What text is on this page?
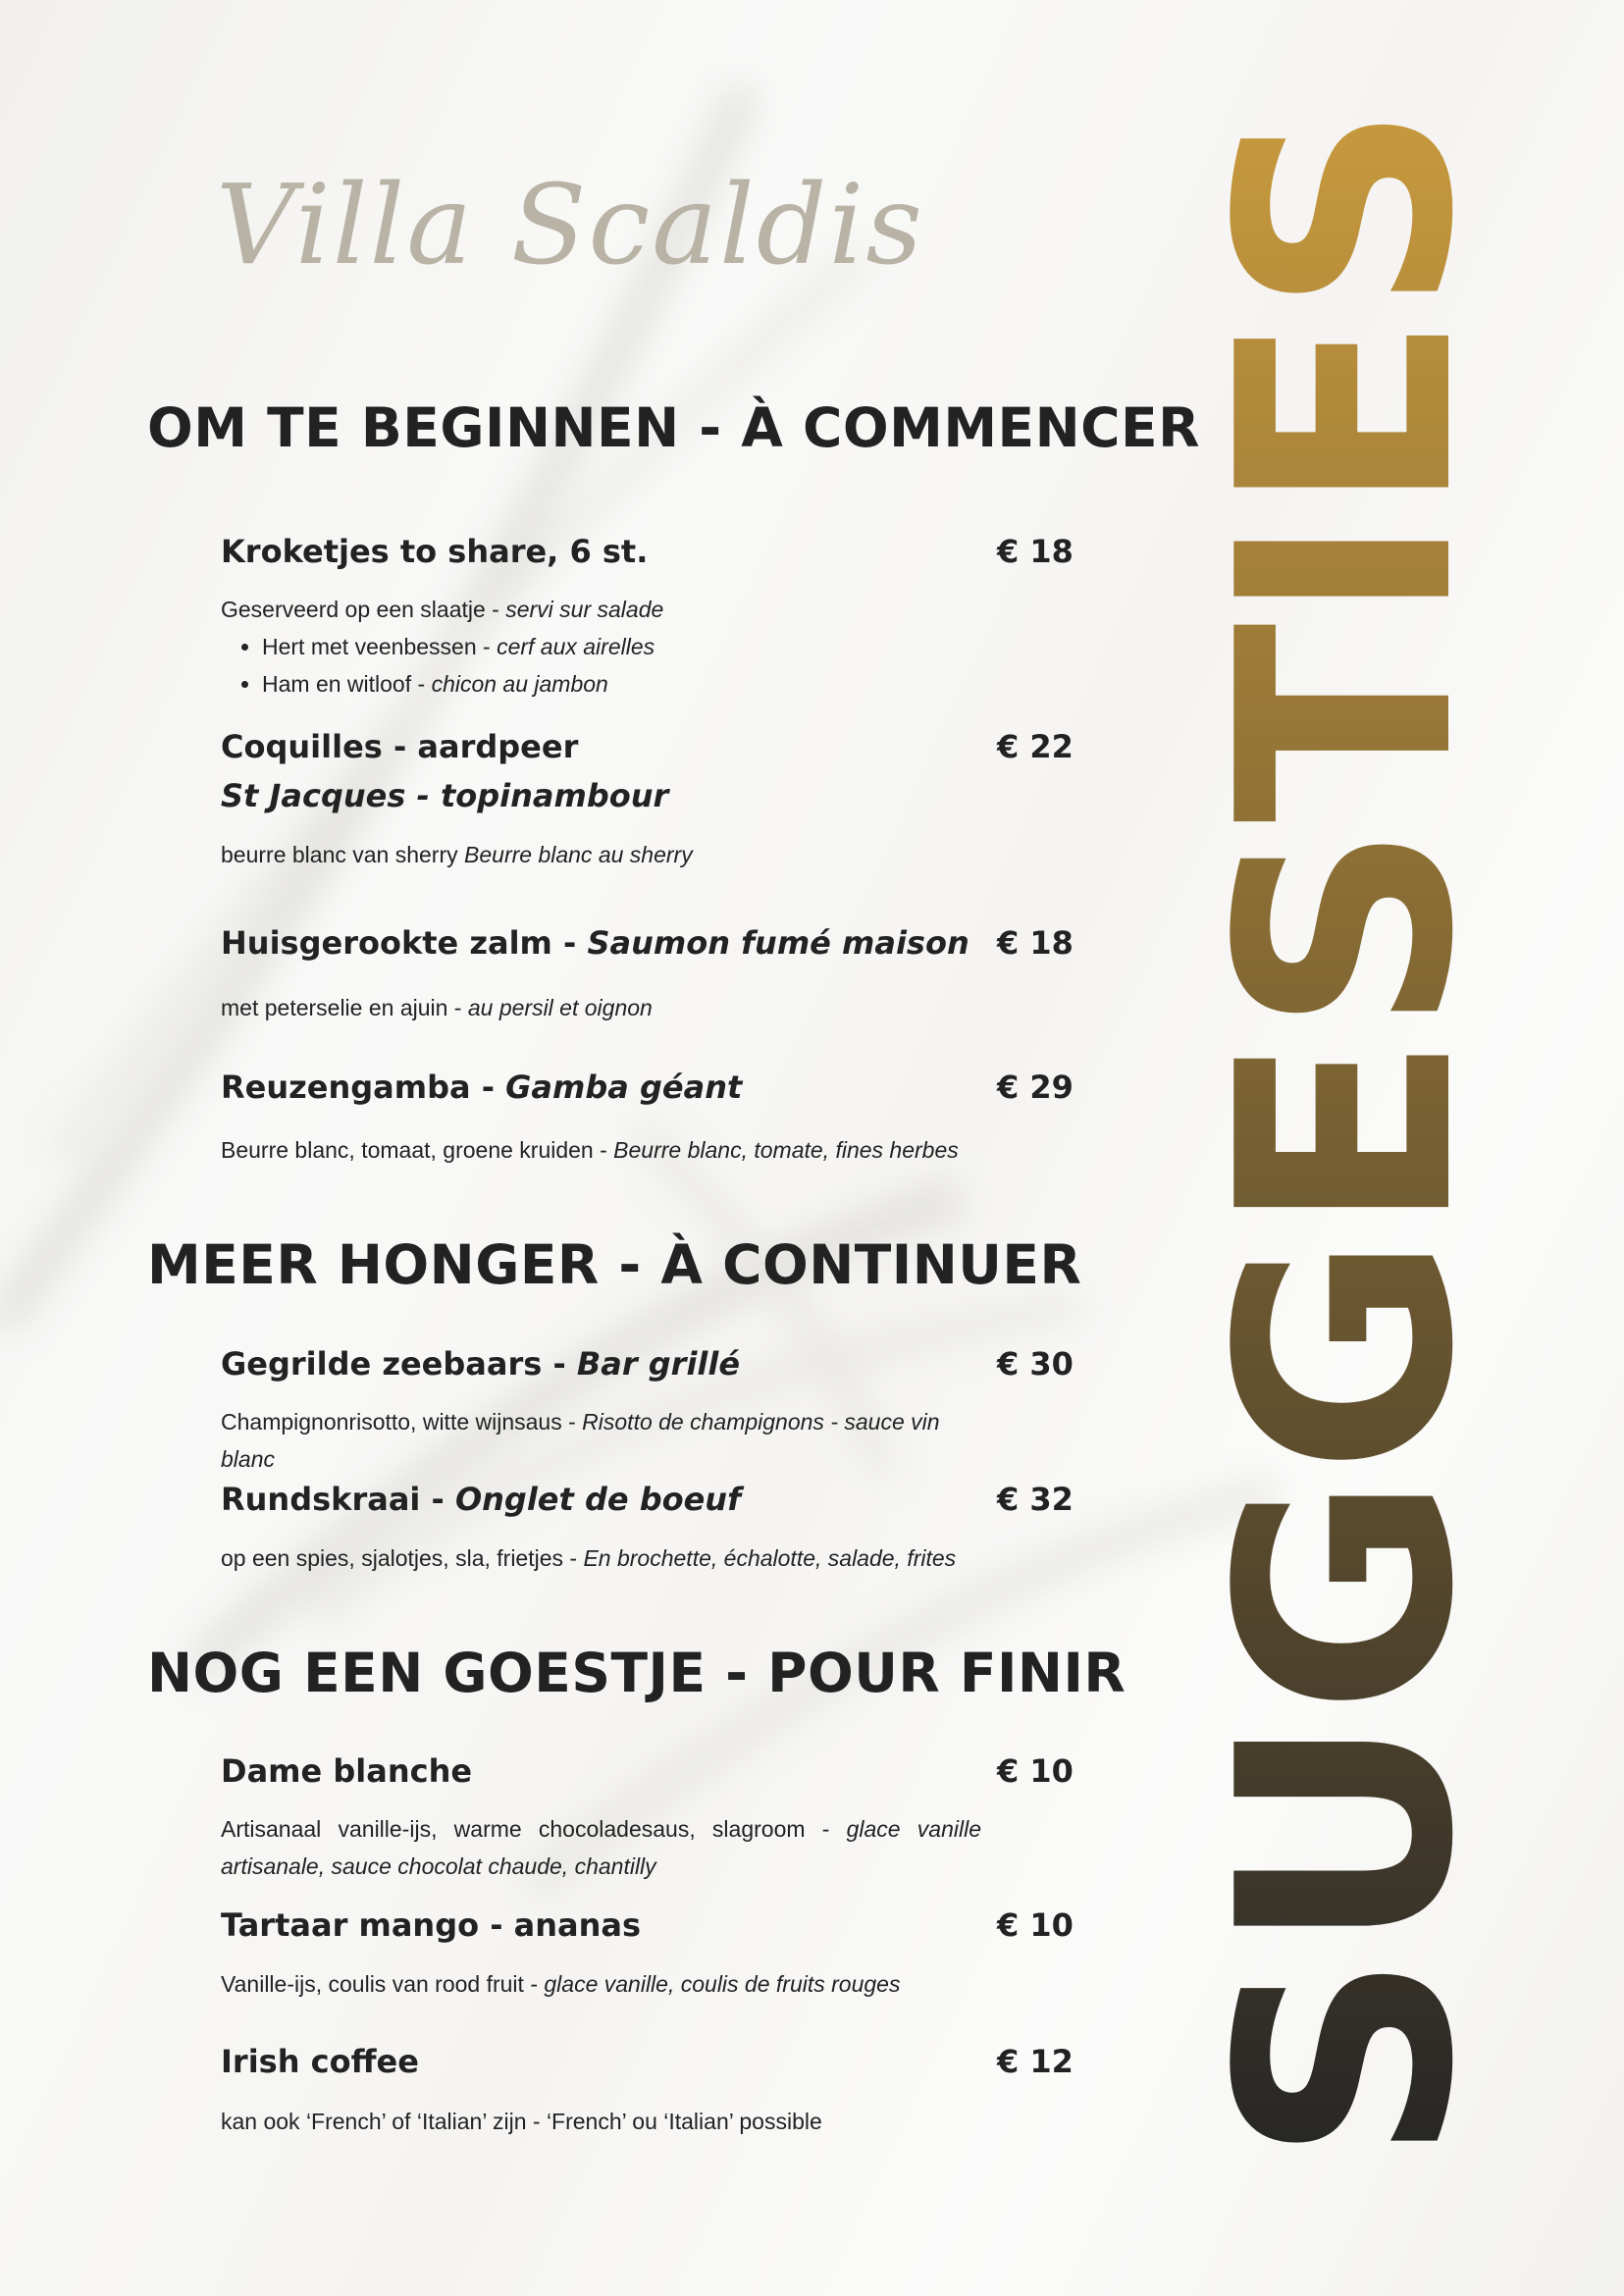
Villa Scaldis
OM TE BEGINNEN - À COMMENCER
Kroketjes to share, 6 st.	€ 18
Geserveerd op een slaatje - servi sur salade
• Hert met veenbessen - cerf aux airelles
• Ham en witloof - chicon au jambon
Coquilles - aardpeer
St Jacques - topinambour
€ 22
beurre blanc van sherry Beurre blanc au sherry
Huisgerookte zalm - Saumon fumé maison € 18
met peterselie en ajuin - au persil et oignon
Reuzengamba - Gamba géant	€ 29
Beurre blanc, tomaat, groene kruiden - Beurre blanc, tomate, fines herbes
MEER HONGER - À CONTINUER
Gegrilde zeebaars - Bar grillé	€ 30
Champignonrisotto, witte wijnsaus - Risotto de champignons - sauce vin blanc
Rundskraai - Onglet de boeuf	€ 32
op een spies, sjalotjes, sla, frietjes - En brochette, échalotte, salade, frites
NOG EEN GOESTJE - POUR FINIR
Dame blanche	€ 10
Artisanaal vanille-ijs, warme chocoladesaus, slagroom - glace vanille artisanale, sauce chocolat chaude, chantilly
Tartaar mango - ananas	€ 10
Vanille-ijs, coulis van rood fruit - glace vanille, coulis de fruits rouges
Irish coffee	€ 12
kan ook ‘French’ of ‘Italian’ zijn - ‘French’ ou ‘Italian’ possible	SUGGESTIES
